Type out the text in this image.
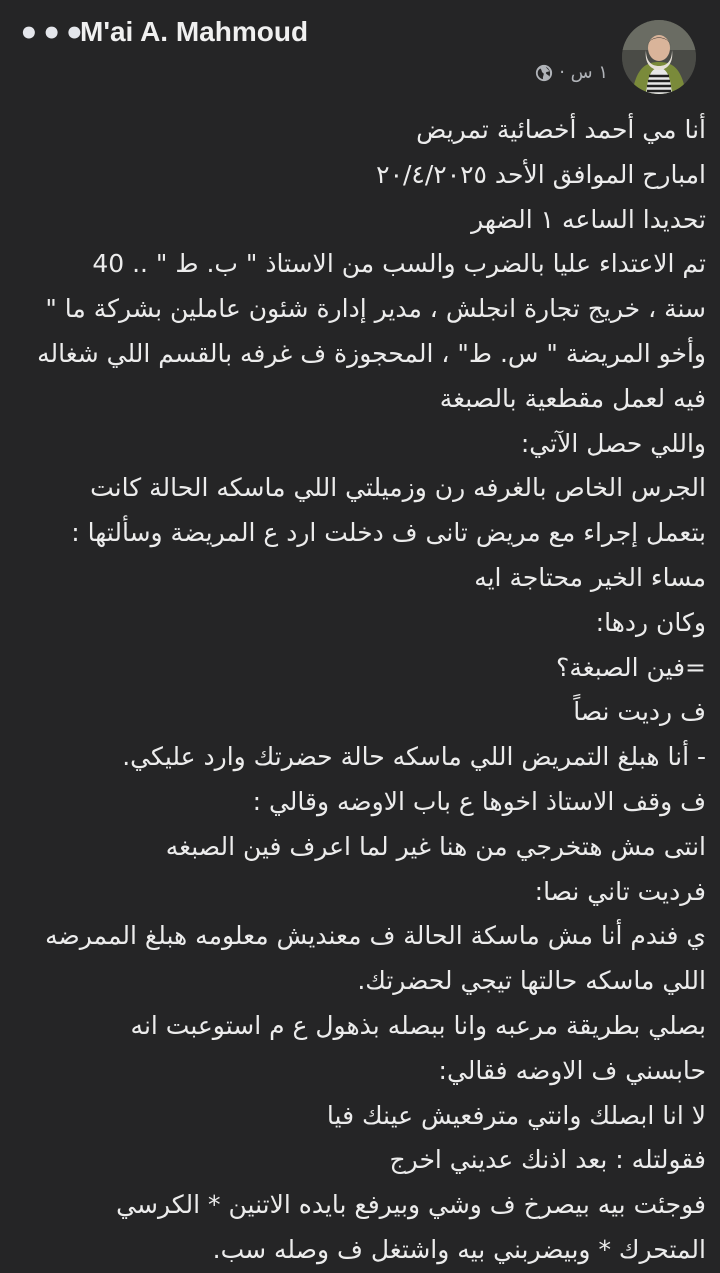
•••
M'ai A. Mahmoud
١ س ·

أنا مي أحمد أخصائية تمريض

امبارح الموافق الأحد ٢٠/٤/٢٠٢٥

تحديدا الساعه ١ الضهر

تم الاعتداء عليا بالضرب والسب من الاستاذ " ب. ط " .. 40

سنة ، خريج تجارة انجلش ، مدير إدارة شئون عاملين بشركة ما "

وأخو المريضة " س. ط" ، المحجوزة ف غرفه بالقسم اللي شغاله

فيه لعمل مقطعية بالصبغة

واللي حصل الآتي:

الجرس الخاص بالغرفه رن وزميلتي اللي ماسكه الحالة كانت

بتعمل إجراء مع مريض تانى ف دخلت ارد ع المريضة وسألتها :

مساء الخير محتاجة ايه

وكان ردها:

=فين الصبغة؟

ف رديت نصاً

- أنا هبلغ التمريض اللي ماسكه حالة حضرتك وارد عليكي.

ف وقف الاستاذ اخوها ع باب الاوضه وقالي :

انتى مش هتخرجي من هنا غير لما اعرف فين الصبغه

فرديت تاني نصا:

ي فندم أنا مش ماسكة الحالة ف معنديش معلومه هبلغ الممرضه

اللي ماسكه حالتها تيجي لحضرتك.

بصلي بطريقة مرعبه وانا ببصله بذهول ع م استوعبت انه

حابسني ف الاوضه فقالي:

لا انا ابصلك وانتي مترفعيش عينك فيا

فقولتله : بعد اذنك عديني اخرج

فوجئت بيه بيصرخ ف وشي وبيرفع بايده الاتنين * الكرسي

المتحرك * وبيضربني بيه واشتغل ف وصله سب.
